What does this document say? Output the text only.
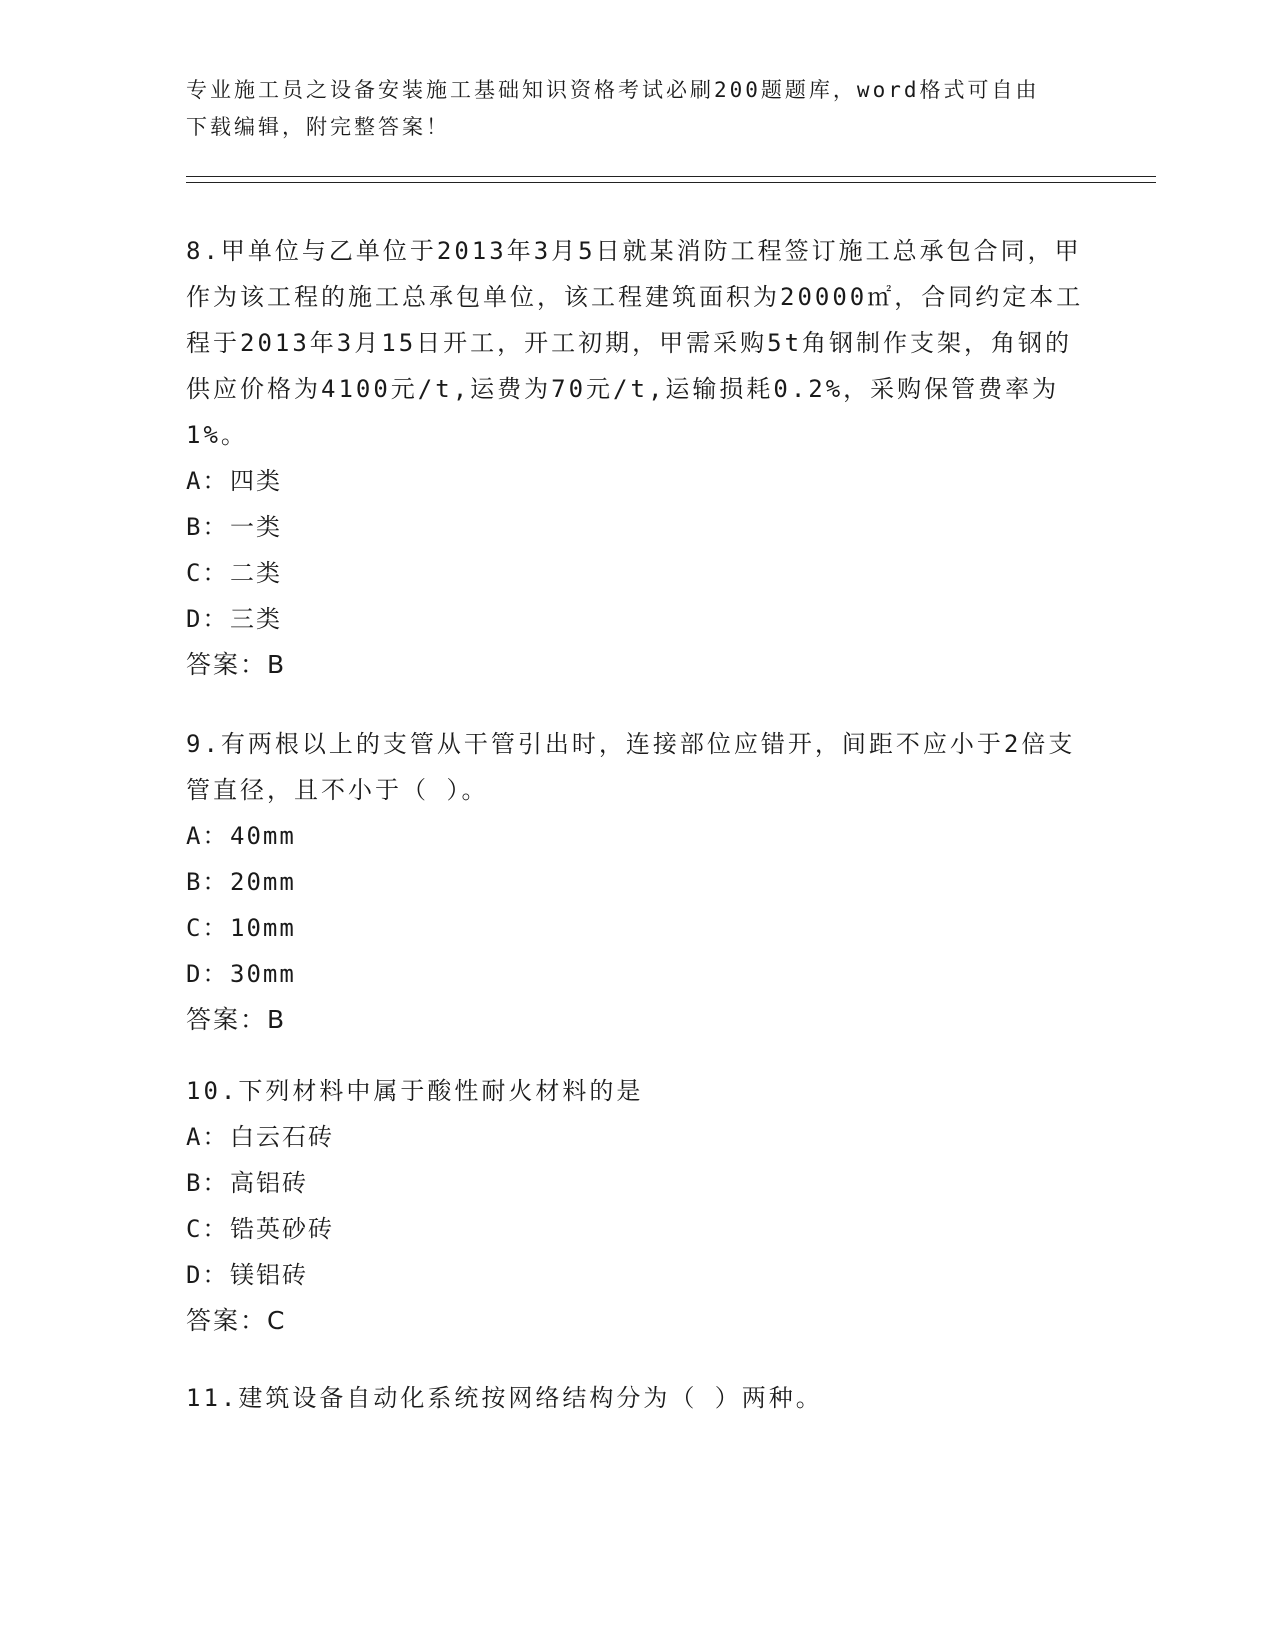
专业施工员之设备安装施工基础知识资格考试必刷200题题库，word格式可自由
下载编辑，附完整答案！

8.甲单位与乙单位于2013年3月5日就某消防工程签订施工总承包合同，甲作为该工程的施工总承包单位，该工程建筑面积为20000㎡，合同约定本工程于2013年3月15日开工，开工初期，甲需采购5t角钢制作支架，角钢的供应价格为4100元/t,运费为70元/t,运输损耗0.2%，采购保管费率为1%。

A：四类

B：一类

C：二类

D：三类

答案：B

9.有两根以上的支管从干管引出时，连接部位应错开，间距不应小于2倍支管直径，且不小于（ ）。

A：40mm

B：20mm

C：10mm

D：30mm

答案：B

10.下列材料中属于酸性耐火材料的是

A：白云石砖

B：高铝砖

C：锆英砂砖

D：镁铝砖

答案：C

11.建筑设备自动化系统按网络结构分为（ ）两种。
